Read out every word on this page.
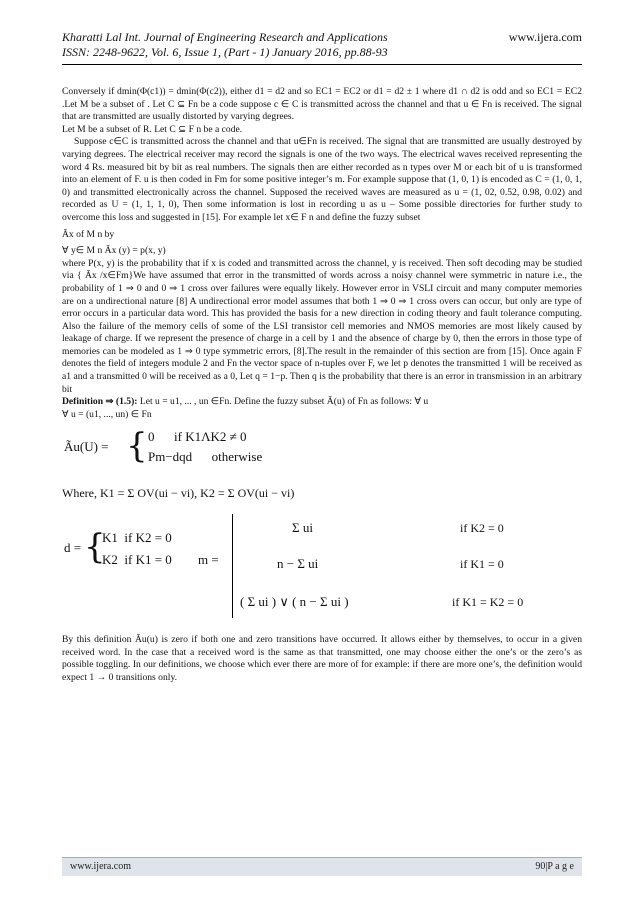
Kharatti Lal Int. Journal of Engineering Research and Applications
ISSN: 2248-9622, Vol. 6, Issue 1, (Part - 1) January 2016, pp.88-93
www.ijera.com

Conversely if dmin(Φ(c1)) = dmin(Φ(c2)), either d1 = d2 and so EC1 = EC2 or d1 = d2 ± 1 where d1 ∩ d2 is odd and so EC1 = EC2 .Let M be a subset of . Let C ⊆ Fn be a code suppose c ∈ C is transmitted across the channel and that u ∈ Fn is received. The signal that are transmitted are usually distorted by varying degrees.

Let M be a subset of R. Let C ⊆ F n be a code.

Suppose c∈C is transmitted across the channel and that u∈Fn is received. The signal that are transmitted are usually destroyed by varying degrees. The electrical receiver may record the signals is one of the two ways. The electrical waves received representing the word 4 Rs. measured bit by bit as real numbers. The signals then are either recorded as n types over M or each bit of u is transformed into an element of F. u is then coded in Fm for some positive integer’s m. For example suppose that (1, 0, 1) is encoded as C = (1, 0, 1, 0) and transmitted electronically across the channel. Supposed the received waves are measured as u = (1, 02, 0.52, 0.98, 0.02) and recorded as U = (1, 1, 1, 0), Then some information is lost in recording u as u – Some possible directories for further study to overcome this loss and suggested in [15]. For example let x∈ F n and define the fuzzy subset

Ãx of M n by

∀ y∈ M n Ãx (y) = p(x, y)

where P(x, y) is the probability that if x is coded and transmitted across the channel, y is received. Then soft decoding may be studied via { Ãx /x∈Fm}We have assumed that error in the transmitted of words across a noisy channel were symmetric in nature i.e., the probability of 1 ⇒ 0 and 0 ⇒ 1 cross over failures were equally likely. However error in VSLI circuit and many computer memories are on a undirectional nature [8] A undirectional error model assumes that both 1 ⇒ 0 ⇒ 1 cross overs can occur, but only are type of error occurs in a particular data word. This has provided the basis for a new direction in coding theory and fault tolerance computing. Also the failure of the memory cells of some of the LSI transistor cell memories and NMOS memories are most likely caused by leakage of charge. If we represent the presence of charge in a cell by 1 and the absence of charge by 0, then the errors in those type of memories can be modeled as 1 ⇒ 0 type symmetric errors, [8].The result in the remainder of this section are from [15]. Once again F denotes the field of integers module 2 and Fn the vector space of n-tuples over F, we let p denotes the transmitted 1 will be received as a1 and a transmitted 0 will be received as a 0, Let q = 1−p. Then q is the probability that there is an error in transmission in an arbitrary bit

Definition ⇒ (1.5): Let u = u1, ... , un ∈Fn. Define the fuzzy subset Ã(u) of Fn as follows: ∀ u

∀ u = (u1, ..., un) ∈ Fn

Ãu(U) = { 0      if K1ΛK2 ≠ 0
Pm−dqd      otherwise

Where, K1 = Σ OV(ui − vi), K2 = Σ OV(ui − vi)

d = {
K1  if K2 = 0
K2  if K1 = 0 m =
Σ ui	if K2 = 0
n − Σ ui	if K1 = 0
( Σ ui ) ∨ ( n − Σ ui )	if K1 = K2 = 0

By this definition Ãu(u) is zero if both one and zero transitions have occurred. It allows either by themselves, to occur in a given received word. In the case that a received word is the same as that transmitted, one may choose either the one’s or the zero’s as possible toggling. In our definitions, we choose which ever there are more of for example: if there are more one’s, the definition would expect 1 → 0 transitions only.

www.ijera.com	90|P a g e
